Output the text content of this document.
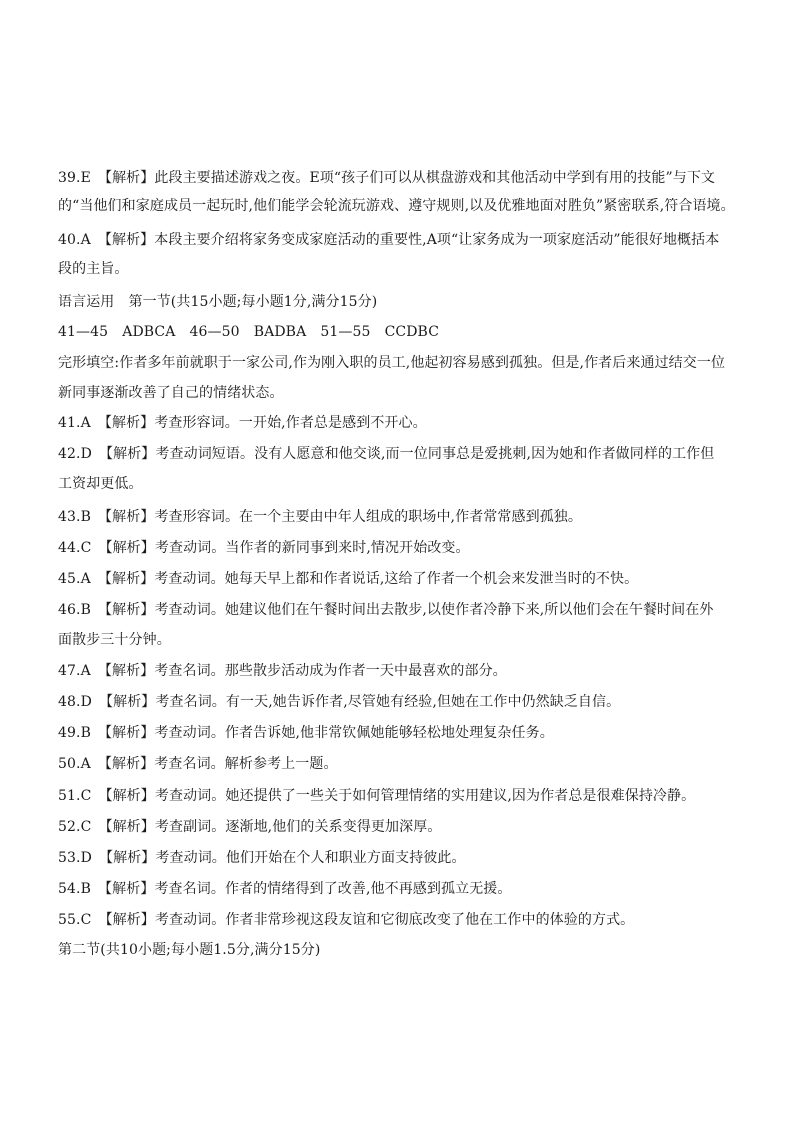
39.E　【解析】此段主要描述游戏之夜。E项“孩子们可以从棋盘游戏和其他活动中学到有用的技能”与下文
的“当他们和家庭成员一起玩时,他们能学会轮流玩游戏、遵守规则,以及优雅地面对胜负”紧密联系,符合语境。
40.A　【解析】本段主要介绍将家务变成家庭活动的重要性,A项“让家务成为一项家庭活动”能很好地概括本
段的主旨。
语言运用　第一节(共15小题;每小题1分,满分15分)
41—45　ADBCA　46—50　BADBA　51—55　CCDBC
完形填空:作者多年前就职于一家公司,作为刚入职的员工,他起初容易感到孤独。但是,作者后来通过结交一位
新同事逐渐改善了自己的情绪状态。
41.A　【解析】考查形容词。一开始,作者总是感到不开心。
42.D　【解析】考查动词短语。没有人愿意和他交谈,而一位同事总是爱挑刺,因为她和作者做同样的工作但
工资却更低。
43.B　【解析】考查形容词。在一个主要由中年人组成的职场中,作者常常感到孤独。
44.C　【解析】考查动词。当作者的新同事到来时,情况开始改变。
45.A　【解析】考查动词。她每天早上都和作者说话,这给了作者一个机会来发泄当时的不快。
46.B　【解析】考查动词。她建议他们在午餐时间出去散步,以使作者冷静下来,所以他们会在午餐时间在外
面散步三十分钟。
47.A　【解析】考查名词。那些散步活动成为作者一天中最喜欢的部分。
48.D　【解析】考查名词。有一天,她告诉作者,尽管她有经验,但她在工作中仍然缺乏自信。
49.B　【解析】考查动词。作者告诉她,他非常钦佩她能够轻松地处理复杂任务。
50.A　【解析】考查名词。解析参考上一题。
51.C　【解析】考查动词。她还提供了一些关于如何管理情绪的实用建议,因为作者总是很难保持冷静。
52.C　【解析】考查副词。逐渐地,他们的关系变得更加深厚。
53.D　【解析】考查动词。他们开始在个人和职业方面支持彼此。
54.B　【解析】考查名词。作者的情绪得到了改善,他不再感到孤立无援。
55.C　【解析】考查动词。作者非常珍视这段友谊和它彻底改变了他在工作中的体验的方式。
第二节(共10小题;每小题1.5分,满分15分)
